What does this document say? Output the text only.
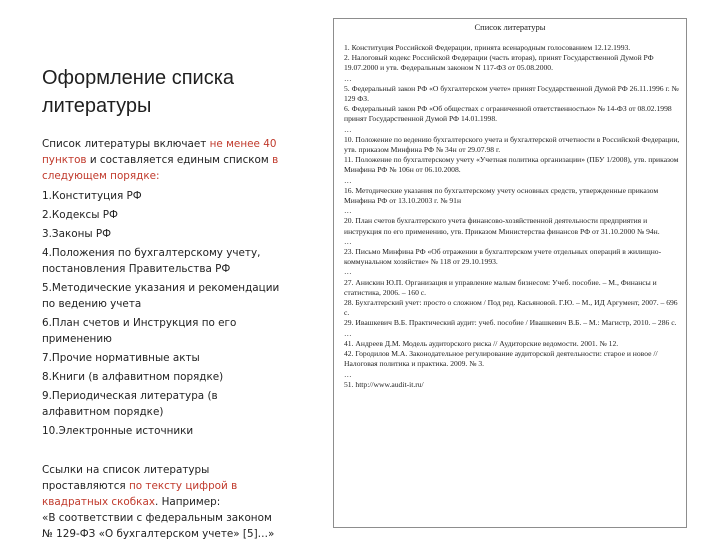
Оформление списка литературы

Список литературы включает не менее 40 пунктов и составляется единым списком в следующем порядке:

1.Конституция РФ

2.Кодексы РФ

3.Законы РФ

4.Положения по бухгалтерскому учету, постановления Правительства РФ

5.Методические указания и рекомендации по ведению учета

6.План счетов и Инструкция по его применению

7.Прочие нормативные акты

8.Книги (в алфавитном порядке)

9.Периодическая литература (в алфавитном порядке)

10.Электронные источники

Ссылки на список литературы проставляются по тексту цифрой в квадратных скобках. Например:

«В соответствии с федеральным законом № 129-ФЗ «О бухгалтерском учете» [5]…»

Список литературы

1. Конституция Российской Федерации, принята всенародным голосованием 12.12.1993.

2. Налоговый кодекс Российской Федерации (часть вторая), принят Государственной Думой РФ 19.07.2000 и утв. Федеральным законом N 117-ФЗ от 05.08.2000.

…

5. Федеральный закон РФ «О бухгалтерском учете» принят Государственной Думой РФ 26.11.1996 г. № 129 ФЗ.

6. Федеральный закон РФ «Об обществах с ограниченной ответственностью» № 14-ФЗ от 08.02.1998 принят Государственной Думой РФ 14.01.1998.

…

10. Положение по ведению бухгалтерского учета и бухгалтерской отчетности в Российской Федерации, утв. приказом Минфина РФ № 34н от 29.07.98 г.

11. Положение по бухгалтерскому учету «Учетная политика организации» (ПБУ 1/2008), утв. приказом Минфина РФ № 106н от 06.10.2008.

…

16. Методические указания по бухгалтерскому учету основных средств, утвержденные приказом Минфина РФ от 13.10.2003 г. № 91н

…

20. План счетов бухгалтерского учета финансово-хозяйственной деятельности предприятия и инструкция по его применению, утв. Приказом Министерства финансов РФ от 31.10.2000 № 94н.

…

23. Письмо Минфина РФ «Об отражении в бухгалтерском учете отдельных операций в жилищно-коммунальном хозяйстве» № 118 от 29.10.1993.

…

27. Анискин Ю.П. Организация и управление малым бизнесом: Учеб. пособие. – М., Финансы и статистика, 2006. – 160 с.

28. Бухгалтерский учет: просто о сложном / Под ред. Касьяновой. Г.Ю. – М., ИД Аргумент, 2007. – 696 с.

29. Ивашкевич В.Б. Практический аудит: учеб. пособие / Ивашкевич В.Б. – М.: Магистр, 2010. – 286 с.

…

41. Андреев Д.М. Модель аудиторского риска // Аудиторские ведомости. 2001. № 12.

42. Городилов М.А. Законодательное регулирование аудиторской деятельности: старое и новое // Налоговая политика и практика. 2009. № 3.

…

51. http://www.audit-it.ru/
